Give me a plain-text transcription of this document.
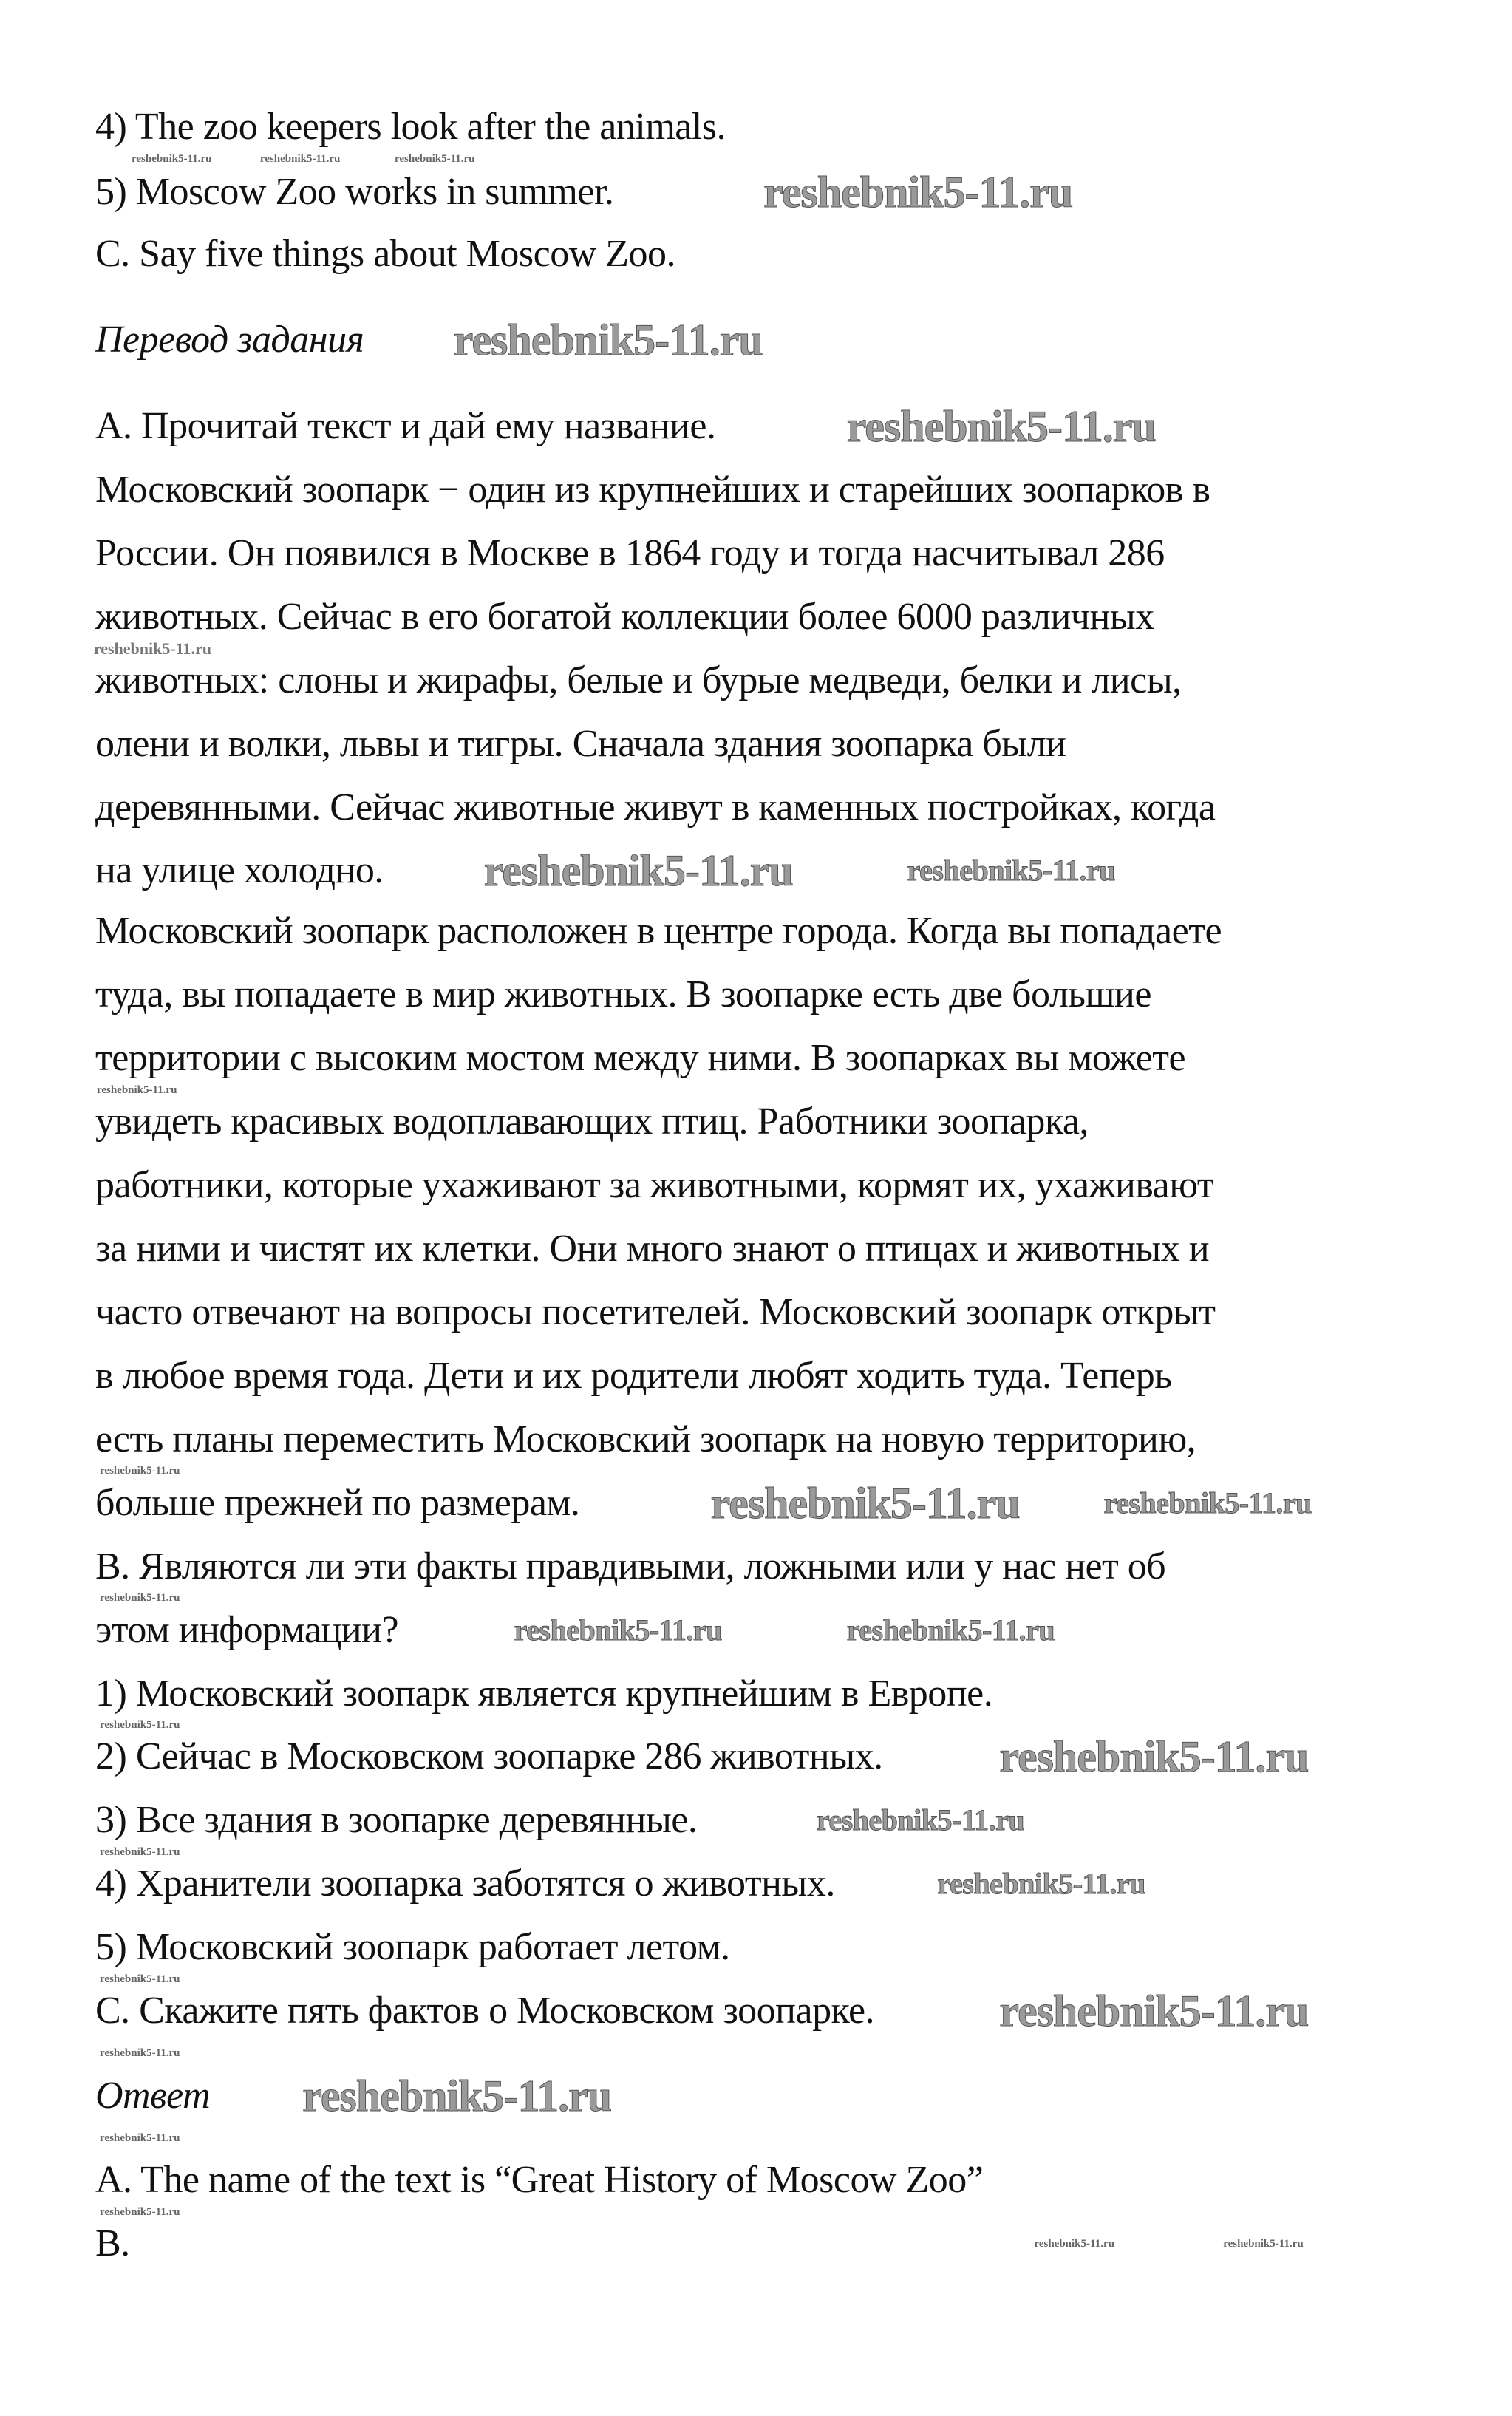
4) The zoo keepers look after the animals.
5) Moscow Zoo works in summer.
C. Say five things about Moscow Zoo.
Перевод задания
A. Прочитай текст и дай ему название.
Московский зоопарк − один из крупнейших и старейших зоопарков в
России. Он появился в Москве в 1864 году и тогда насчитывал 286
животных. Сейчас в его богатой коллекции более 6000 различных
животных: слоны и жирафы, белые и бурые медведи, белки и лисы,
олени и волки, львы и тигры. Сначала здания зоопарка были
деревянными. Сейчас животные живут в каменных постройках, когда
на улице холодно.
Московский зоопарк расположен в центре города. Когда вы попадаете
туда, вы попадаете в мир животных. В зоопарке есть две большие
территории с высоким мостом между ними. В зоопарках вы можете
увидеть красивых водоплавающих птиц. Работники зоопарка,
работники, которые ухаживают за животными, кормят их, ухаживают
за ними и чистят их клетки. Они много знают о птицах и животных и
часто отвечают на вопросы посетителей. Московский зоопарк открыт
в любое время года. Дети и их родители любят ходить туда. Теперь
есть планы переместить Московский зоопарк на новую территорию,
больше прежней по размерам.
B. Являются ли эти факты правдивыми, ложными или у нас нет об
этом информации?
1) Московский зоопарк является крупнейшим в Европе.
2) Сейчас в Московском зоопарке 286 животных.
3) Все здания в зоопарке деревянные.
4) Хранители зоопарка заботятся о животных.
5) Московский зоопарк работает летом.
C. Скажите пять фактов о Московском зоопарке.
Ответ
A. The name of the text is “Great History of Moscow Zoo”
B.
reshebnik5-11.ru
reshebnik5-11.ru
reshebnik5-11.ru
reshebnik5-11.ru
reshebnik5-11.ru
reshebnik5-11.ru
reshebnik5-11.ru
reshebnik5-11.ru
reshebnik5-11.ru
reshebnik5-11.ru	reshebnik5-11.ru
reshebnik5-11.ru
reshebnik5-11.ru
reshebnik5-11.ru
reshebnik5-11.ru	reshebnik5-11.ru	reshebnik5-11.ru
reshebnik5-11.ru
reshebnik5-11.ru
reshebnik5-11.ru
reshebnik5-11.ru
reshebnik5-11.ru
reshebnik5-11.ru
reshebnik5-11.ru
reshebnik5-11.ru
reshebnik5-11.ru
reshebnik5-11.ru
reshebnik5-11.ru	reshebnik5-11.ru
